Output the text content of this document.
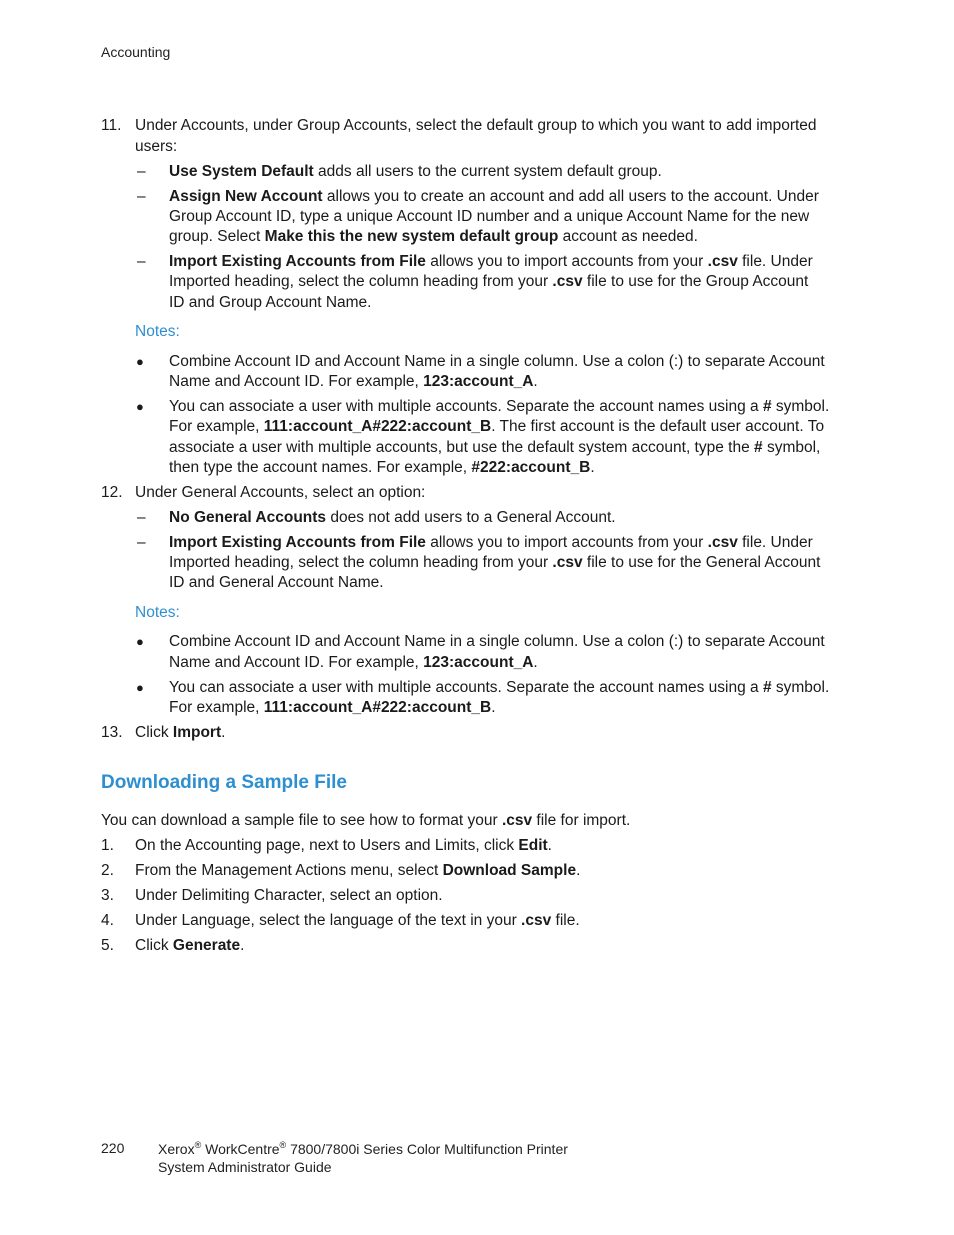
Accounting
11. Under Accounts, under Group Accounts, select the default group to which you want to add imported
users:
– Use System Default adds all users to the current system default group.
– Assign New Account allows you to create an account and add all users to the account. Under
Group Account ID, type a unique Account ID number and a unique Account Name for the new
group. Select Make this the new system default group account as needed.
– Import Existing Accounts from File allows you to import accounts from your .csv file. Under
Imported heading, select the column heading from your .csv file to use for the Group Account
ID and Group Account Name.
Notes:
● Combine Account ID and Account Name in a single column. Use a colon (:) to separate Account
Name and Account ID. For example, 123:account_A.
● You can associate a user with multiple accounts. Separate the account names using a # symbol.
For example, 111:account_A#222:account_B. The first account is the default user account. To
associate a user with multiple accounts, but use the default system account, type the # symbol,
then type the account names. For example, #222:account_B.
12. Under General Accounts, select an option:
– No General Accounts does not add users to a General Account.
– Import Existing Accounts from File allows you to import accounts from your .csv file. Under
Imported heading, select the column heading from your .csv file to use for the General Account
ID and General Account Name.
Notes:
● Combine Account ID and Account Name in a single column. Use a colon (:) to separate Account
Name and Account ID. For example, 123:account_A.
● You can associate a user with multiple accounts. Separate the account names using a # symbol.
For example, 111:account_A#222:account_B.
13. Click Import.
Downloading a Sample File
You can download a sample file to see how to format your .csv file for import.
1. On the Accounting page, next to Users and Limits, click Edit.
2. From the Management Actions menu, select Download Sample.
3. Under Delimiting Character, select an option.
4. Under Language, select the language of the text in your .csv file.
5. Click Generate.
220 Xerox® WorkCentre® 7800/7800i Series Color Multifunction Printer
System Administrator Guide
